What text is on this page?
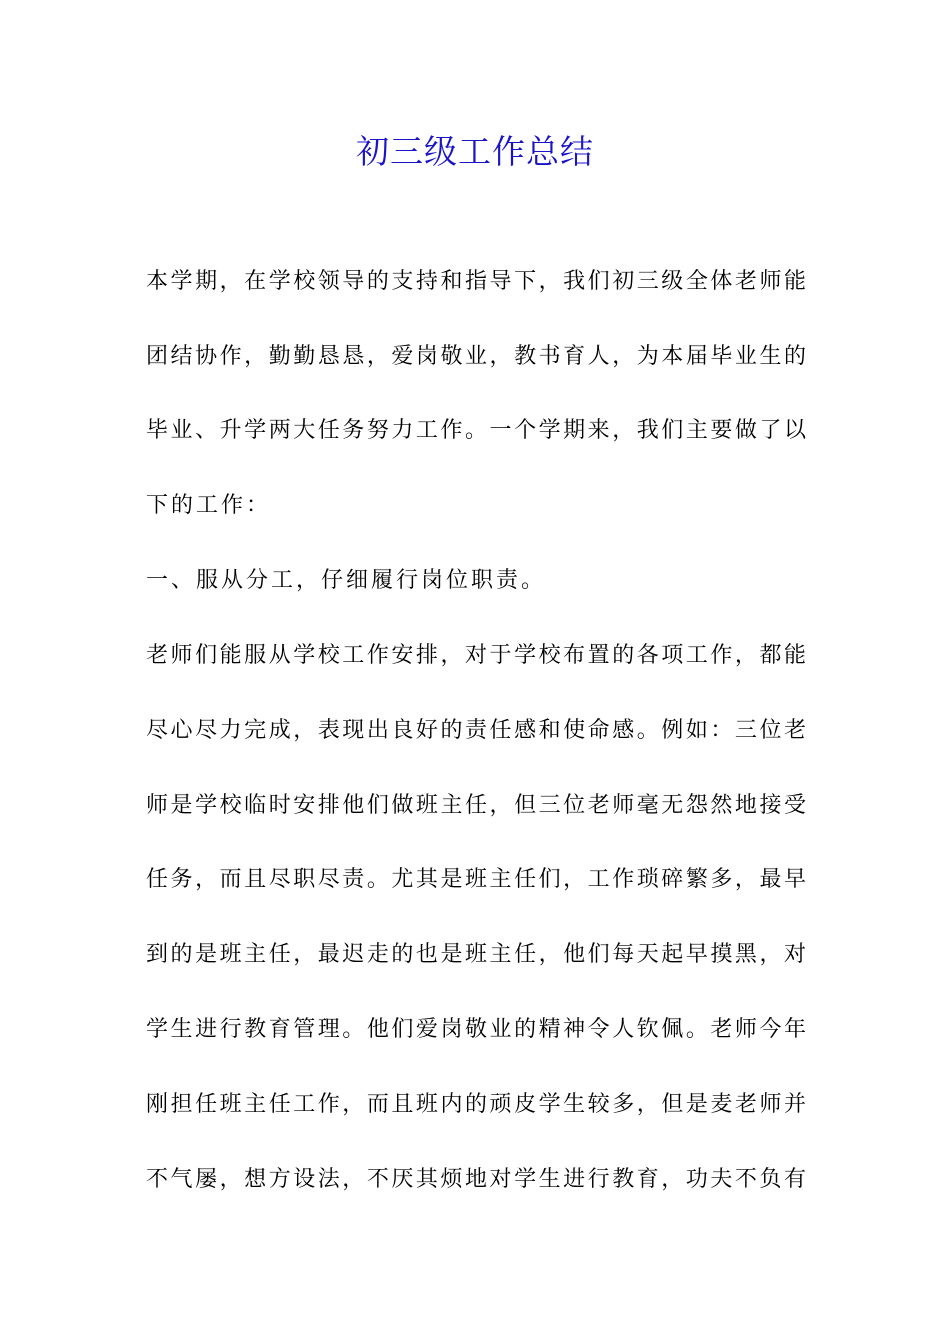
初三级工作总结
本学期，在学校领导的支持和指导下，我们初三级全体老师能
团结协作，勤勤恳恳，爱岗敬业，教书育人，为本届毕业生的
毕业、升学两大任务努力工作。一个学期来，我们主要做了以
下的工作：
一、服从分工，仔细履行岗位职责。
老师们能服从学校工作安排，对于学校布置的各项工作，都能
尽心尽力完成，表现出良好的责任感和使命感。例如：三位老
师是学校临时安排他们做班主任，但三位老师毫无怨然地接受
任务，而且尽职尽责。尤其是班主任们，工作琐碎繁多，最早
到的是班主任，最迟走的也是班主任，他们每天起早摸黑，对
学生进行教育管理。他们爱岗敬业的精神令人钦佩。老师今年
刚担任班主任工作，而且班内的顽皮学生较多，但是麦老师并
不气屡，想方设法，不厌其烦地对学生进行教育，功夫不负有
